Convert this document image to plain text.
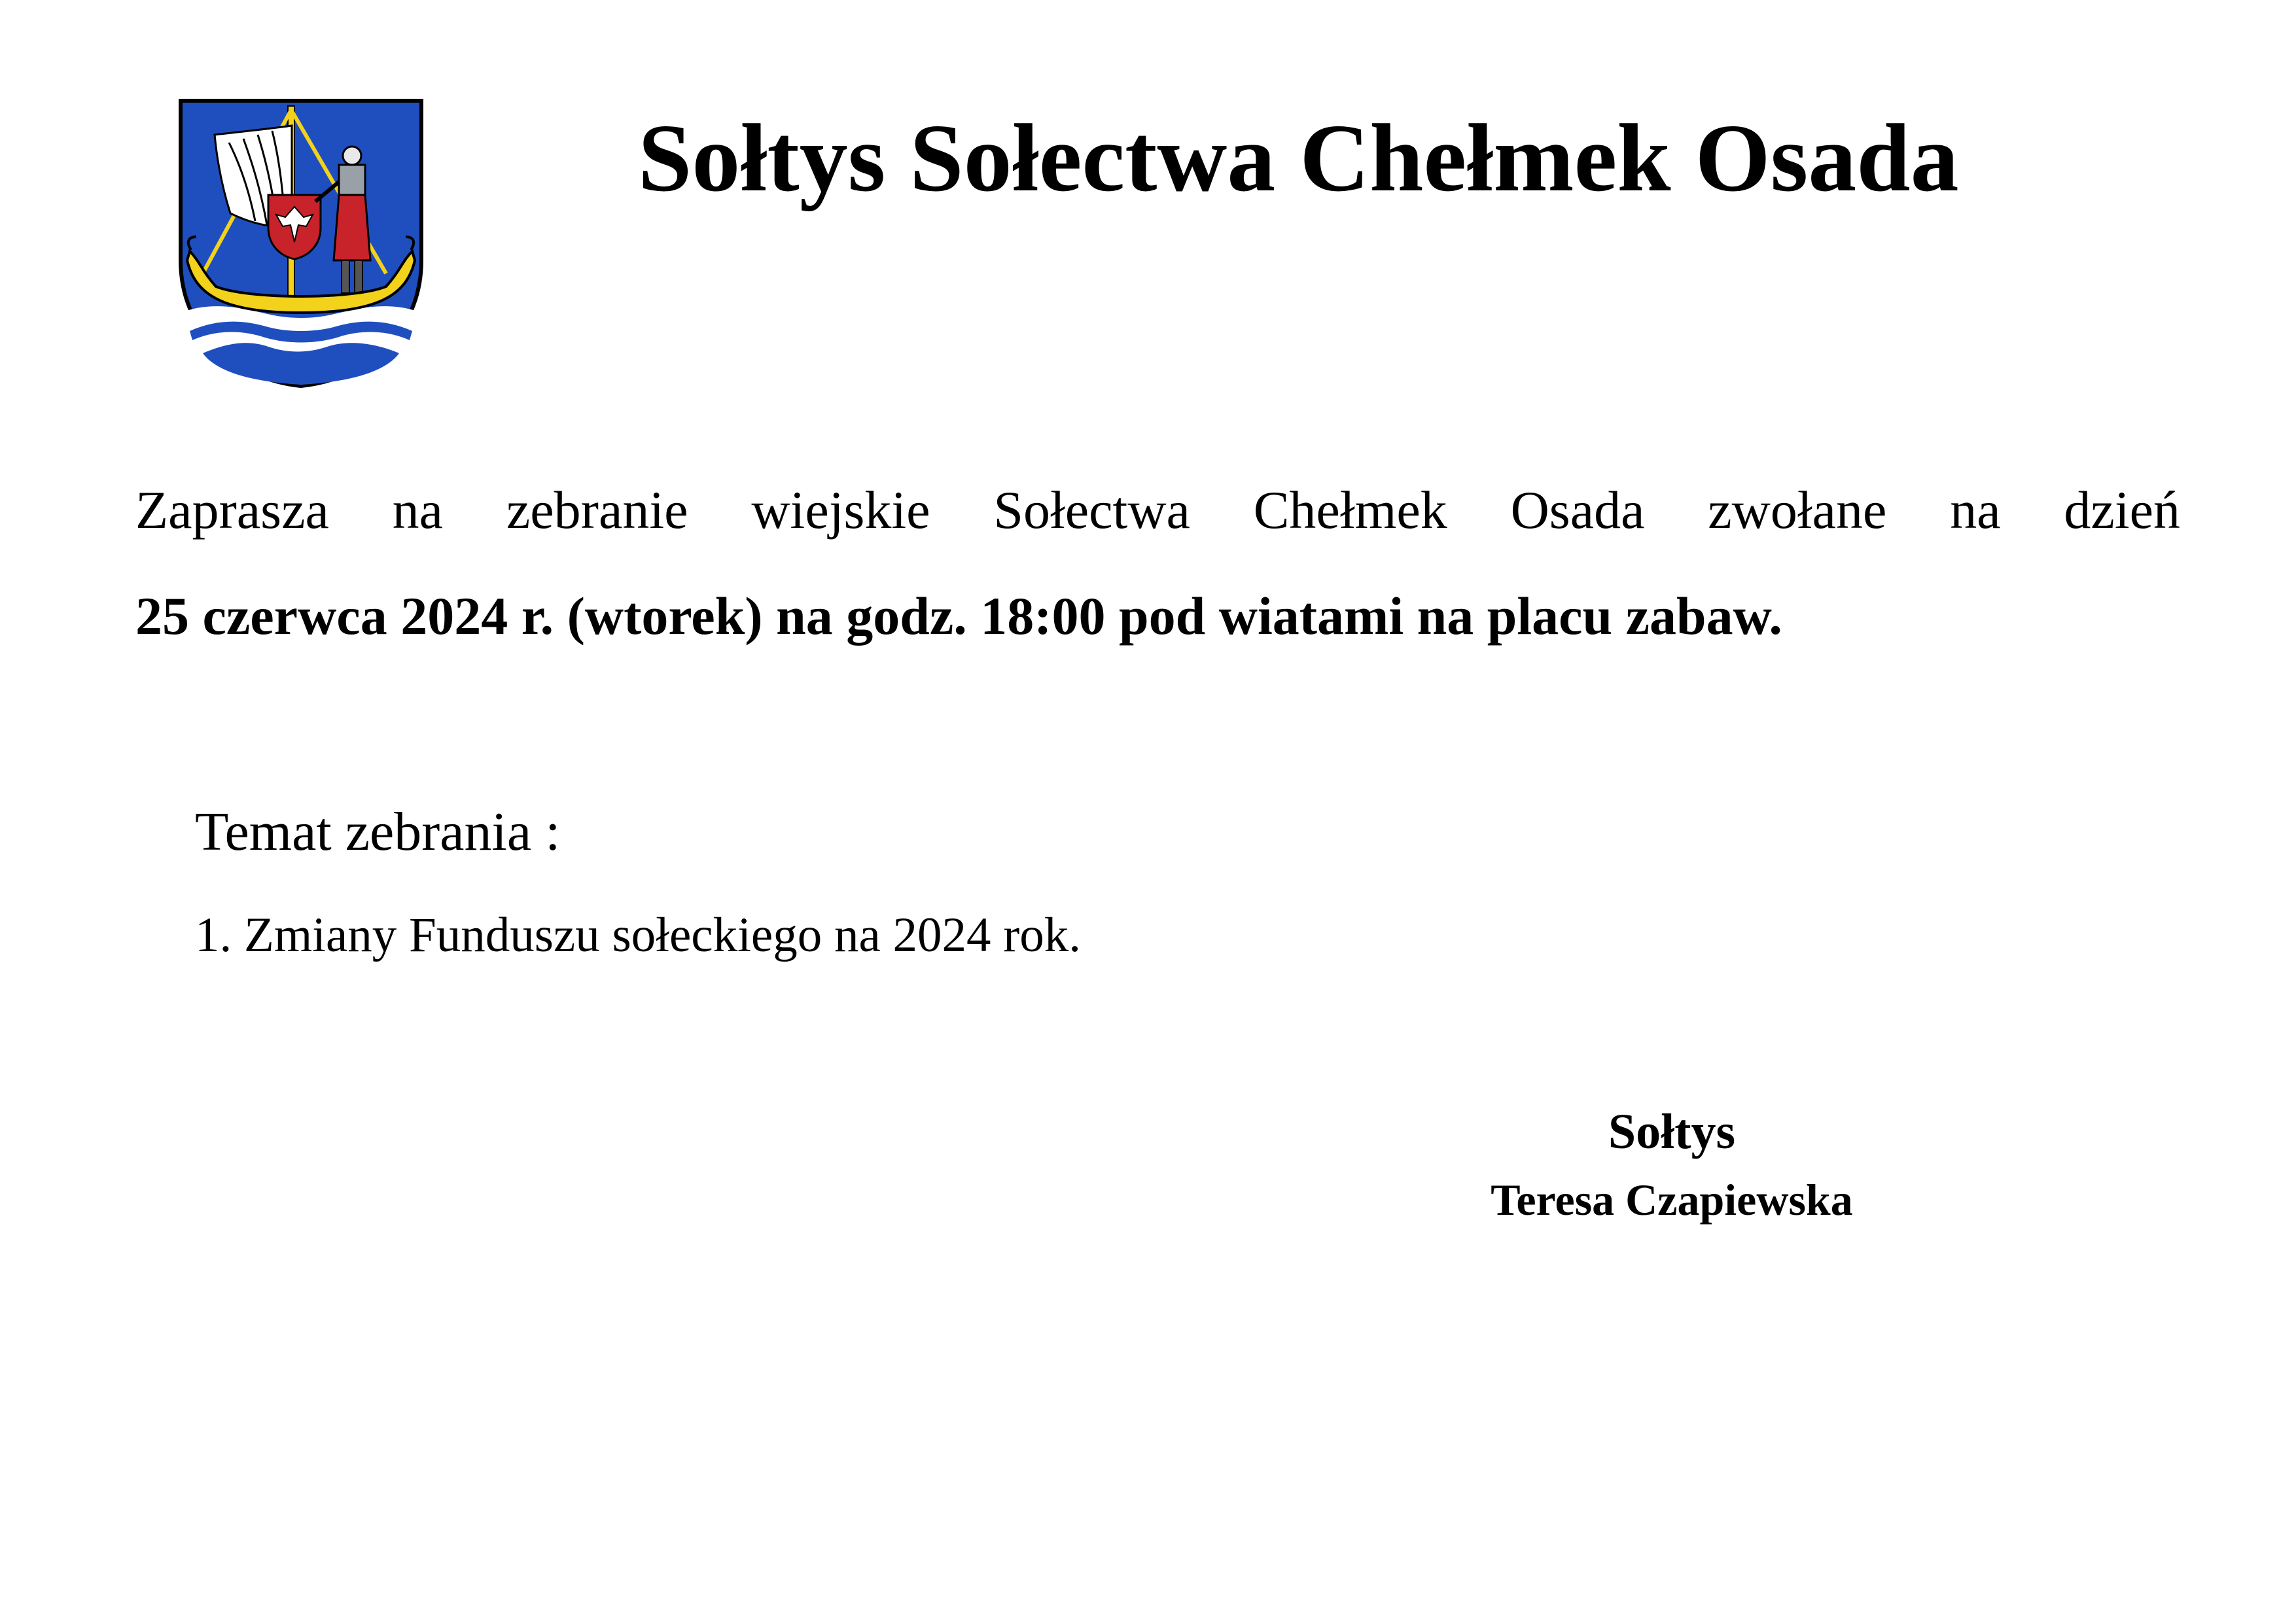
Sołtys Sołectwa Chełmek Osada

Zaprasza na zebranie wiejskie Sołectwa Chełmek Osada zwołane na dzień
25 czerwca 2024 r. (wtorek) na godz. 18:00 pod wiatami na placu zabaw.

Temat zebrania :
1. Zmiany Funduszu sołeckiego na 2024 rok.
Sołtys
Teresa Czapiewska
